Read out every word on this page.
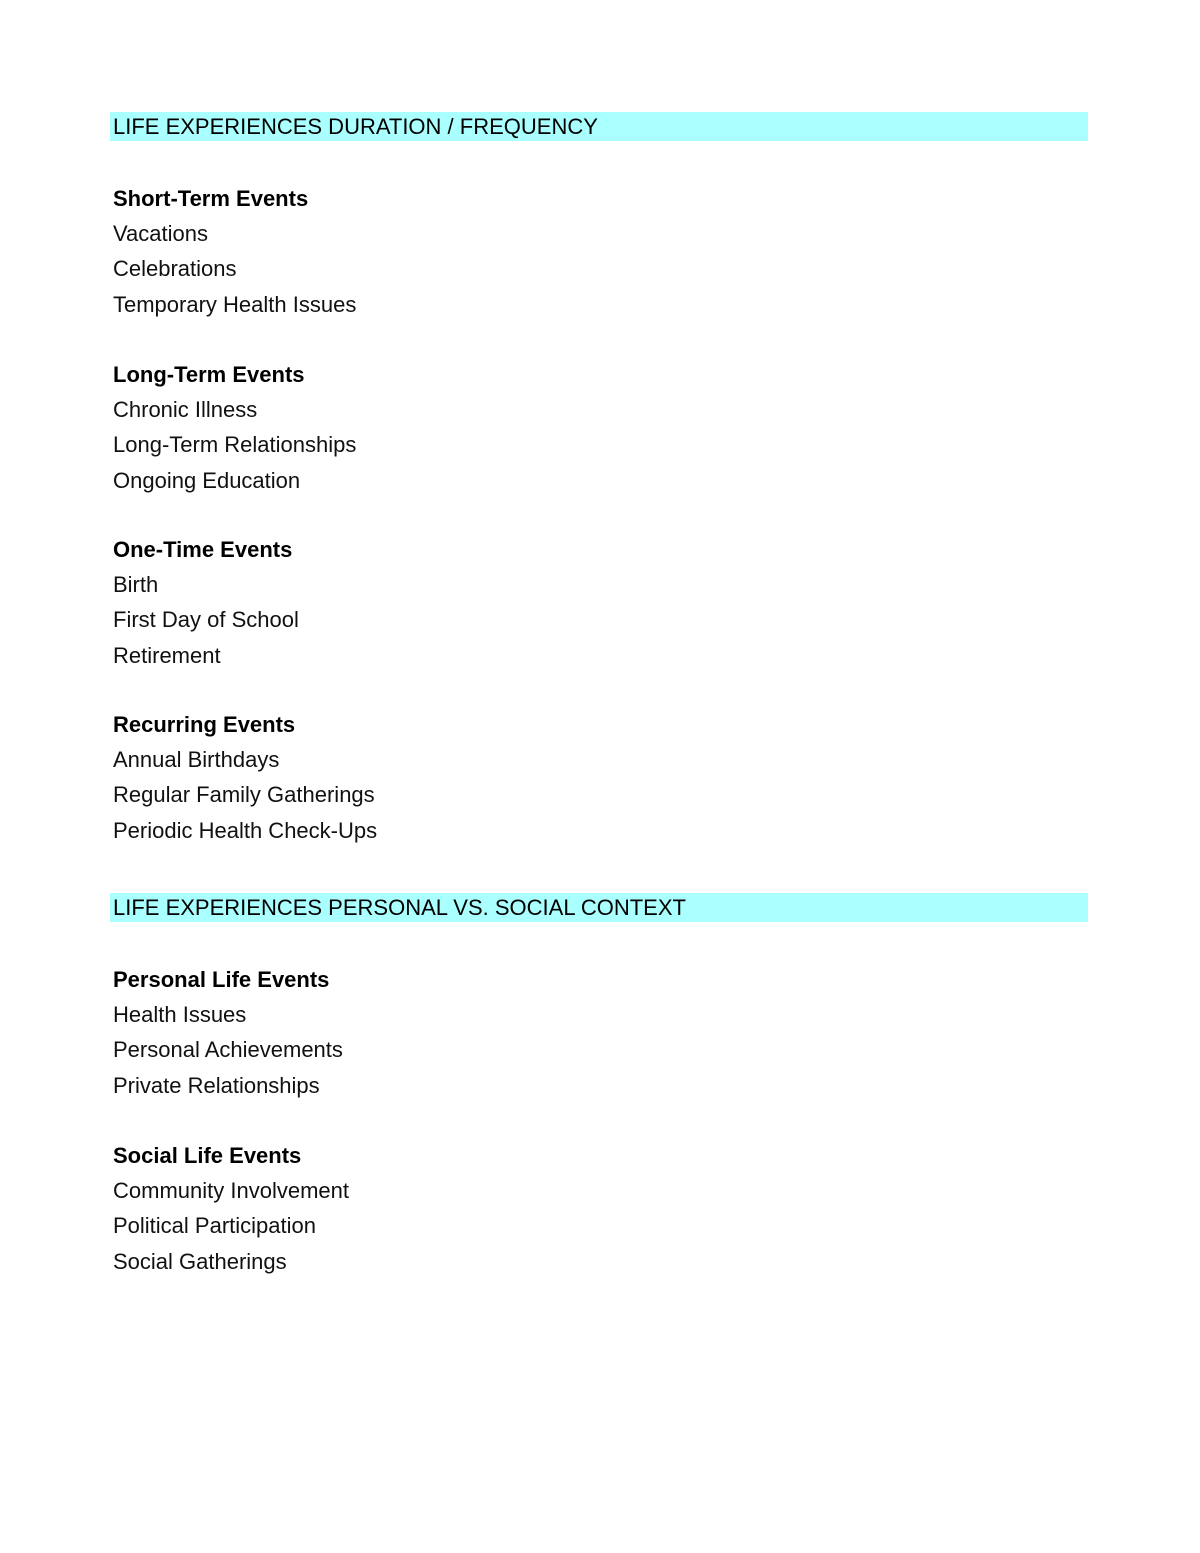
LIFE EXPERIENCES DURATION / FREQUENCY
Short-Term Events
Vacations
Celebrations
Temporary Health Issues
Long-Term Events
Chronic Illness
Long-Term Relationships
Ongoing Education
One-Time Events
Birth
First Day of School
Retirement
Recurring Events
Annual Birthdays
Regular Family Gatherings
Periodic Health Check-Ups
LIFE EXPERIENCES PERSONAL VS. SOCIAL CONTEXT
Personal Life Events
Health Issues
Personal Achievements
Private Relationships
Social Life Events
Community Involvement
Political Participation
Social Gatherings
